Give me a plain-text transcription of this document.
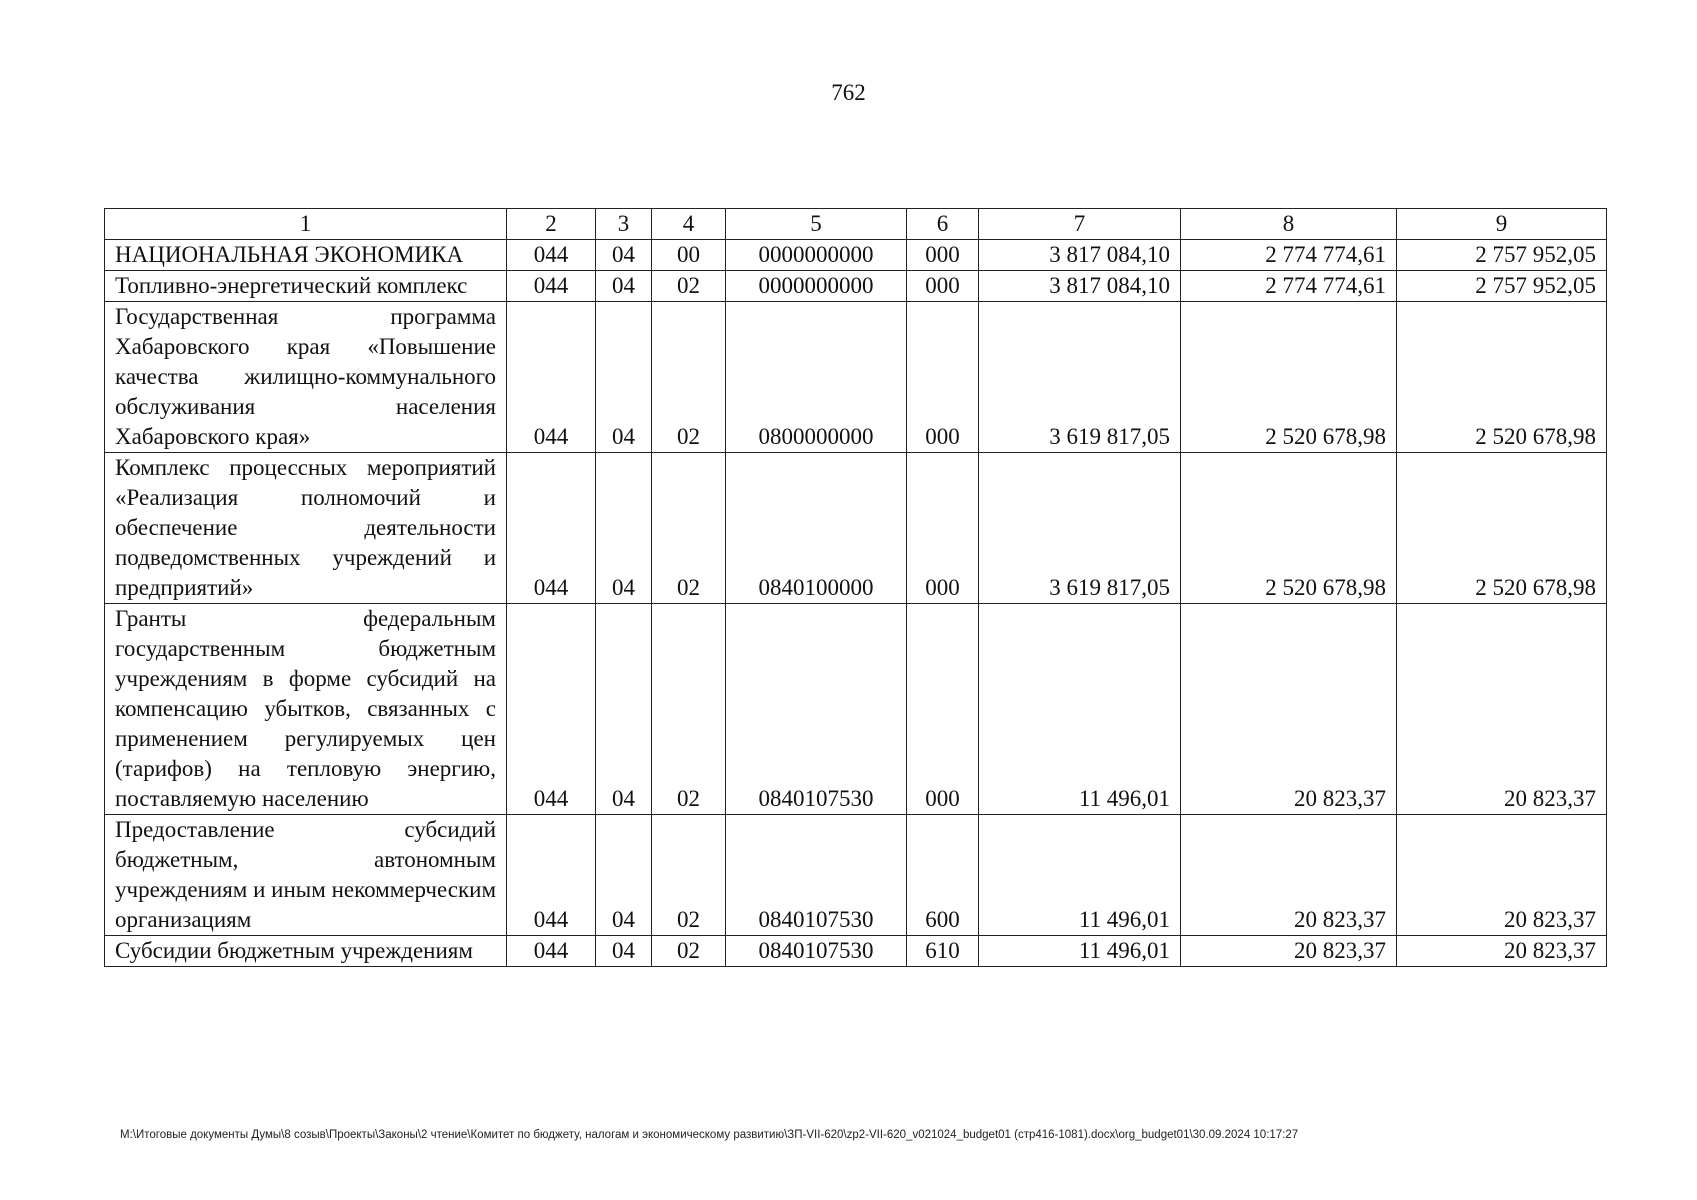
762
1	2	3	4	5	6	7	8	9
НАЦИОНАЛЬНАЯ ЭКОНОМИКА	044	04	00	0000000000	000	3 817 084,10	2 774 774,61	2 757 952,05
Топливно-энергетический комплекс	044	04	02	0000000000	000	3 817 084,10	2 774 774,61	2 757 952,05
Государственная программа Хабаровского края «Повышение качества жилищно-коммунального обслуживания населения Хабаровского края»	044	04	02	0800000000	000	3 619 817,05	2 520 678,98	2 520 678,98
Комплекс процессных мероприятий «Реализация полномочий и обеспечение деятельности подведомственных учреждений и предприятий»	044	04	02	0840100000	000	3 619 817,05	2 520 678,98	2 520 678,98
Гранты федеральным государственным бюджетным учреждениям в форме субсидий на компенсацию убытков, связанных с применением регулируемых цен (тарифов) на тепловую энергию, поставляемую населению	044	04	02	0840107530	000	11 496,01	20 823,37	20 823,37
Предоставление субсидий бюджетным, автономным учреждениям и иным некоммерческим организациям	044	04	02	0840107530	600	11 496,01	20 823,37	20 823,37
Субсидии бюджетным учреждениям	044	04	02	0840107530	610	11 496,01	20 823,37	20 823,37
М:\Итоговые документы Думы\8 созыв\Проекты\Законы\2 чтение\Комитет по бюджету, налогам и экономическому развитию\ЗП-VII-620\zp2-VII-620_v021024_budget01 (стр416-1081).docx\org_budget01\30.09.2024 10:17:27
